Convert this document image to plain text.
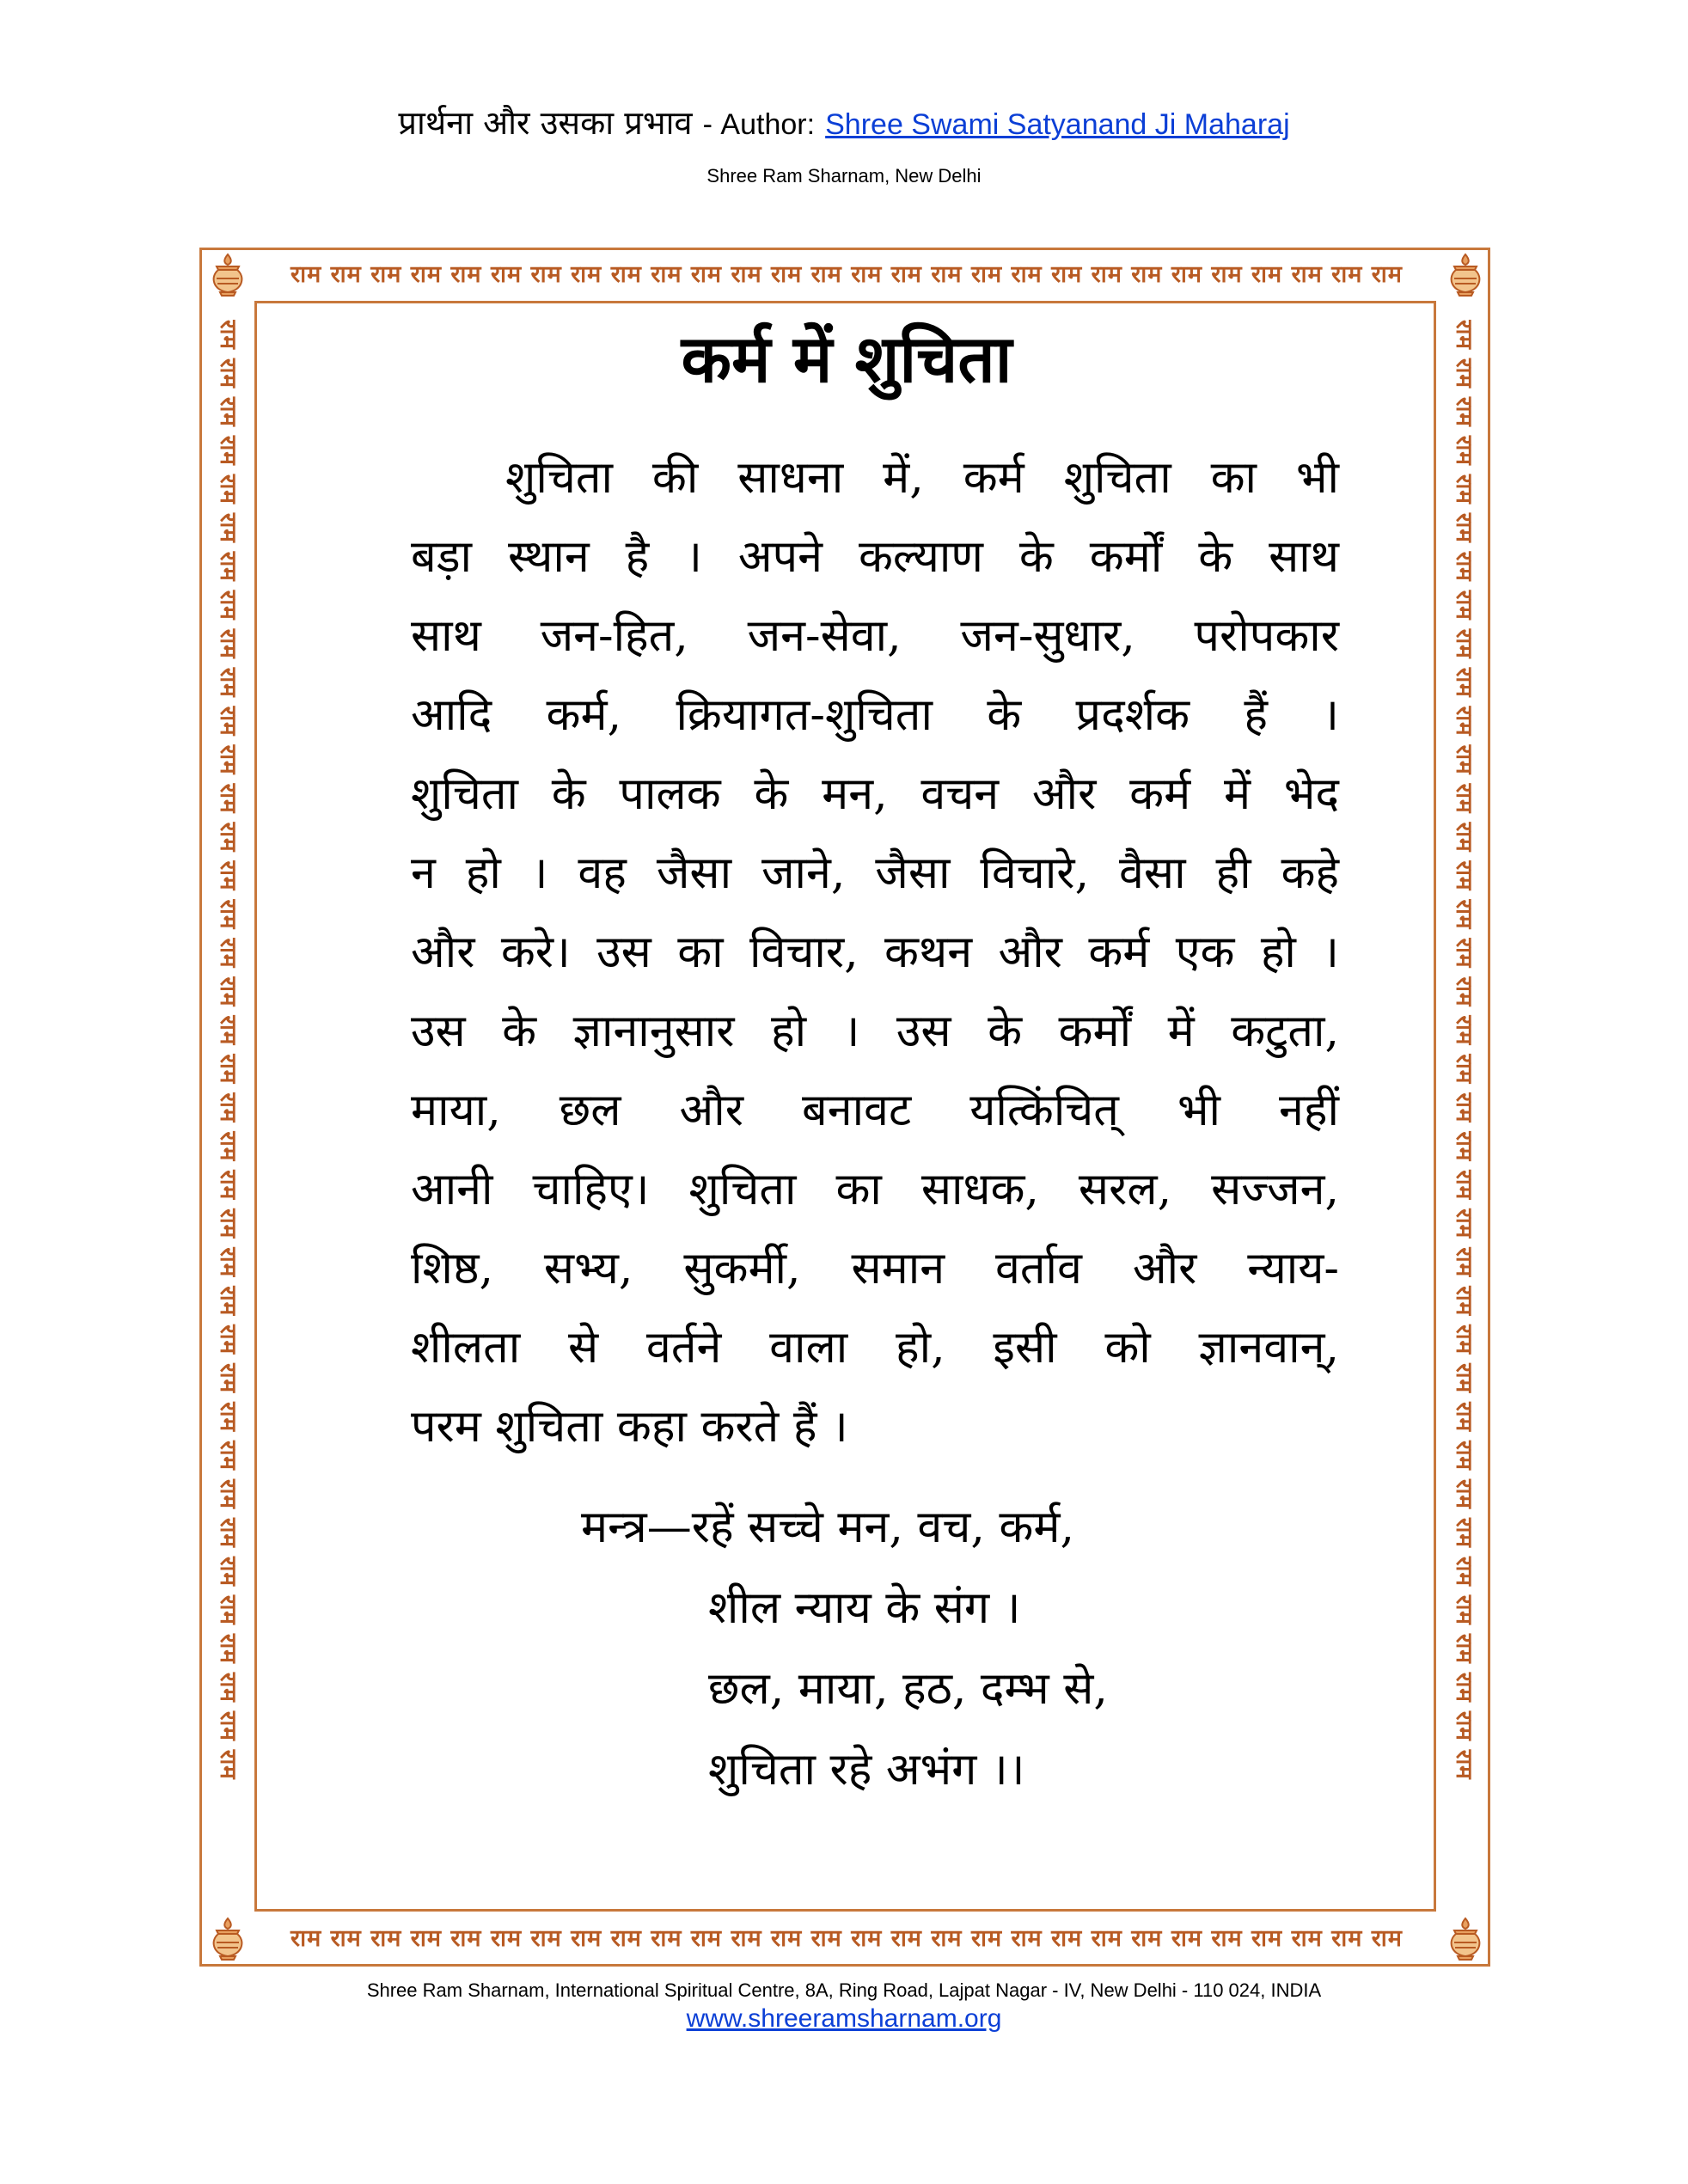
प्रार्थना और उसका प्रभाव - Author: Shree Swami Satyanand Ji Maharaj
Shree Ram Sharnam, New Delhi
राम राम राम राम राम राम राम राम राम राम राम राम राम राम राम राम राम राम राम राम राम राम राम राम राम राम राम राम
राम राम राम राम राम राम राम राम राम राम राम राम राम राम राम राम राम राम राम राम राम राम राम राम राम राम राम राम
राम राम राम राम राम राम राम राम राम राम राम राम राम राम राम राम राम राम राम राम राम राम राम राम राम राम राम राम राम राम राम राम राम राम राम राम राम राम	राम राम राम राम राम राम राम राम राम राम राम राम राम राम राम राम राम राम राम राम राम राम राम राम राम राम राम राम राम राम राम राम राम राम राम राम राम राम
कर्म में शुचिता
शुचिता की साधना में, कर्म शुचिता का भी
बड़ा स्थान है । अपने कल्याण के कर्मों के साथ
साथ जन-हित, जन-सेवा, जन-सुधार, परोपकार
आदि कर्म, क्रियागत-शुचिता के प्रदर्शक हैं ।
शुचिता के पालक के मन, वचन और कर्म में भेद
न हो । वह जैसा जाने, जैसा विचारे, वैसा ही कहे
और करे। उस का विचार, कथन और कर्म एक हो ।
उस के ज्ञानानुसार हो । उस के कर्मों में कटुता,
माया, छल और बनावट यत्किंचित् भी नहीं
आनी चाहिए। शुचिता का साधक, सरल, सज्जन,
शिष्ठ, सभ्य, सुकर्मी, समान वर्ताव और न्याय-
शीलता से वर्तने वाला हो, इसी को ज्ञानवान्,
परम शुचिता कहा करते हैं ।
मन्त्र—रहें सच्चे मन, वच, कर्म,
शील न्याय के संग ।
छल, माया, हठ, दम्भ से,
शुचिता रहे अभंग ।।
Shree Ram Sharnam, International Spiritual Centre, 8A, Ring Road, Lajpat Nagar - IV, New Delhi - 110 024, INDIA
www.shreeramsharnam.org
